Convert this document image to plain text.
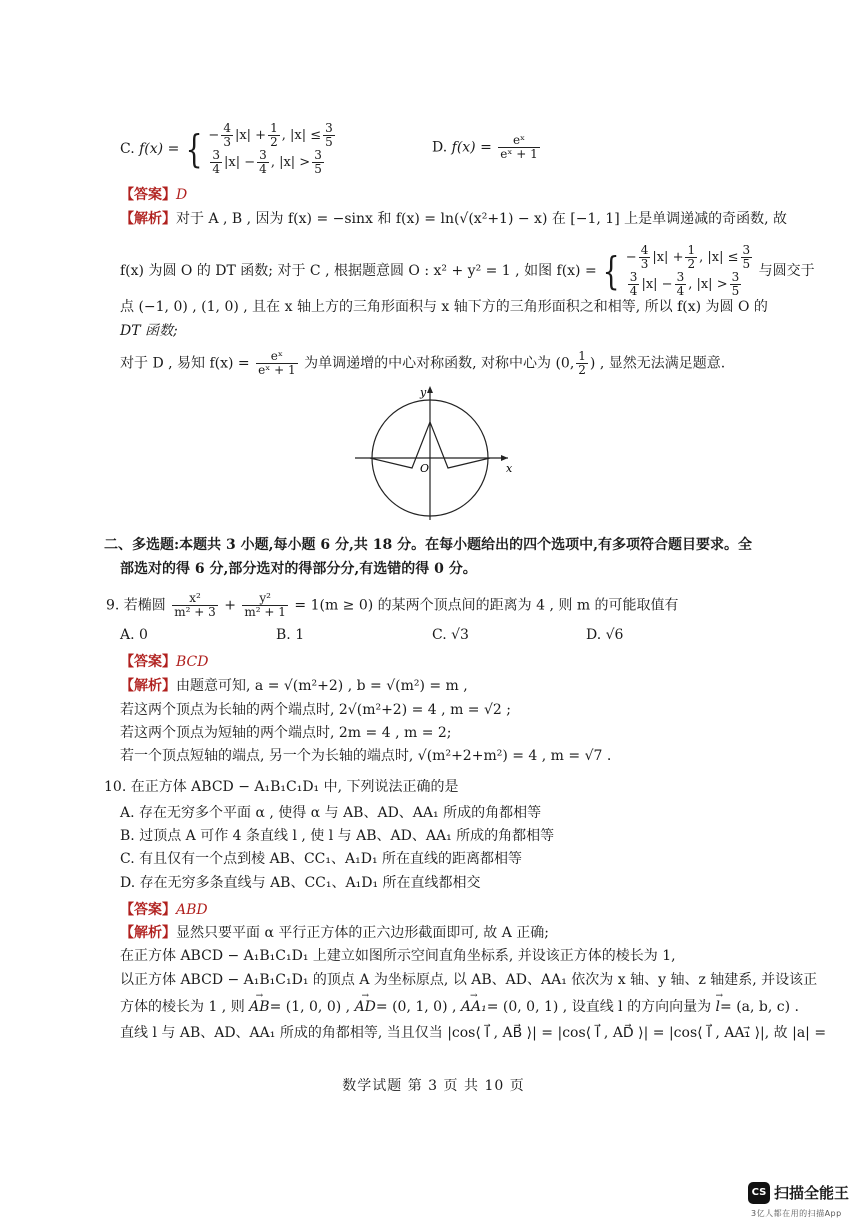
C. f(x) = { − $\frac{4}{3} |x| + \frac{1}{2}$ , $|x| \le \frac{3}{5}$
$\frac{3}{4} |x| - \frac{3}{4}$ , $|x| > \frac{3}{5}$
D. $f(x) = \frac{\text{eˣ}}{\text{eˣ + 1}}$
【答案】D
【解析】对于 A , B , 因为 f(x) = −sinx 和 f(x) = ln(√(x²+1) − x) 在 [−1, 1] 上是单调递减的奇函数, 故
f(x) 为圆 O 的 DT 函数; 对于 C , 根据题意圆 O : x² + y² = 1 , 如图 f(x) = { − $\frac{4}{3} |x| + \frac{1}{2}$ , $|x| \le \frac{3}{5}$
$\frac{3}{4} |x| - \frac{3}{4}$ , $|x| > \frac{3}{5}$ 与圆交于
点 (−1, 0) , (1, 0) , 且在 x 轴上方的三角形面积与 x 轴下方的三角形面积之和相等, 所以 f(x) 为圆 O 的
DT 函数;
对于 D , 易知 $f(x) = \frac{\text{eˣ}}{\text{eˣ + 1}}$ 为单调递增的中心对称函数, 对称中心为 (0, $\frac{1}{2}$ ) , 显然无法满足题意.
y
x
O
二、多选题:本题共 3 小题,每小题 6 分,共 18 分。在每小题给出的四个选项中,有多项符合题目要求。全
部选对的得 6 分,部分选对的得部分分,有选错的得 0 分。
9. 若椭圆 $\frac{\text{x²}}{\text{m² + 3}} + \frac{\text{y²}}{\text{m² + 1}} = 1(m \ge 0)$ 的某两个顶点间的距离为 4 , 则 m 的可能取值有
A. 0	B. 1	C. √3	D. √6
【答案】BCD
【解析】由题意可知, a = √(m²+2) , b = √(m²) = m ,
若这两个顶点为长轴的两个端点时, 2√(m²+2) = 4 , m = √2 ;
若这两个顶点为短轴的两个端点时, 2m = 4 , m = 2;
若一个顶点短轴的端点, 另一个为长轴的端点时, √(m²+2+m²) = 4 , m = √7 .
10. 在正方体 ABCD − A₁B₁C₁D₁ 中, 下列说法正确的是
A. 存在无穷多个平面 α , 使得 α 与 AB、AD、AA₁ 所成的角都相等
B. 过顶点 A 可作 4 条直线 l , 使 l 与 AB、AD、AA₁ 所成的角都相等
C. 有且仅有一个点到棱 AB、CC₁、A₁D₁ 所在直线的距离都相等
D. 存在无穷多条直线与 AB、CC₁、A₁D₁ 所在直线都相交
【答案】ABD
【解析】显然只要平面 α 平行正方体的正六边形截面即可, 故 A 正确;
在正方体 ABCD − A₁B₁C₁D₁ 上建立如图所示空间直角坐标系, 并设该正方体的棱长为 1,
以正方体 ABCD − A₁B₁C₁D₁ 的顶点 A 为坐标原点, 以 AB、AD、AA₁ 依次为 x 轴、y 轴、z 轴建系, 并设该正
方体的棱长为 1 , 则 → AB= (1, 0, 0) , → AD= (0, 1, 0) , → AA₁= (0, 0, 1) , 设直线 l 的方向向量为 → l= (a, b, c) .
直线 l 与 AB、AD、AA₁ 所成的角都相等, 当且仅当 |cos⟨ l⃗ , AB⃗ ⟩| = |cos⟨ l⃗ , AD⃗ ⟩| = |cos⟨ l⃗ , AA₁⃗ ⟩|, 故 |a| =
数学试题 第 3 页 共 10 页
CS 扫描全能王
3亿人都在用的扫描App
